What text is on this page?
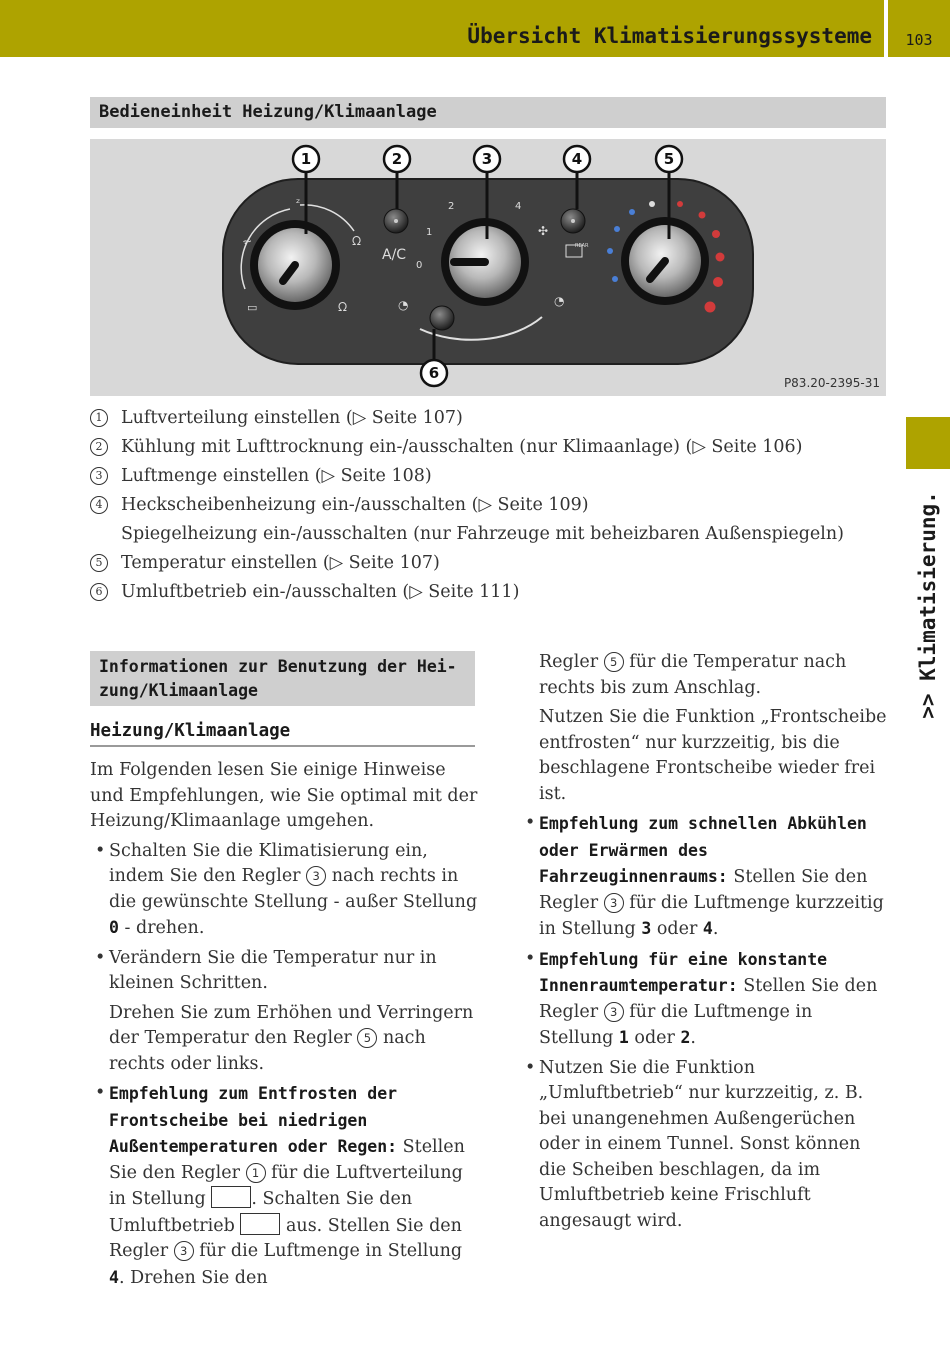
Übersicht Klimatisierungssysteme	103
>> Klimatisierung.
Bedieneinheit Heizung/Klimaanlage
⩫	ᘯ
ᶻ
ᘯ
▭
A/C
0
1
2	4
✣
◔	◔
REAR
1	2	3	4	5
6
P83.20-2395-31
1	Luftverteilung einstellen (▷ Seite 107)
2	Kühlung mit Lufttrocknung ein-/ausschalten (nur Klimaanlage) (▷ Seite 106)
3	Luftmenge einstellen (▷ Seite 108)
4	Heckscheibenheizung ein-/ausschalten (▷ Seite 109)
Spiegelheizung ein-/ausschalten (nur Fahrzeuge mit beheizbaren Außenspiegeln)
5	Temperatur einstellen (▷ Seite 107)
6	Umluftbetrieb ein-/ausschalten (▷ Seite 111)
Informationen zur Benutzung der Hei-
zung/Klimaanlage
Heizung/Klimaanlage

Im Folgenden lesen Sie einige Hinweise und Empfehlungen, wie Sie optimal mit der Heizung/Klimaanlage umgehen.

• Schalten Sie die Klimatisierung ein, indem Sie den Regler 3 nach rechts in die gewünschte Stellung - außer Stellung 0 - drehen.
• Verändern Sie die Temperatur nur in kleinen Schritten.
Drehen Sie zum Erhöhen und Verringern der Temperatur den Regler 5 nach rechts oder links.
• Empfehlung zum Entfrosten der Frontscheibe bei niedrigen Außentemperaturen oder Regen: Stellen Sie den Regler 1 für die Luftverteilung in Stellung	. Schalten Sie den Umluftbetrieb	aus. Stellen Sie den Regler 3 für die Luftmenge in Stellung 4. Drehen Sie den
Regler 5 für die Temperatur nach rechts bis zum Anschlag.
Nutzen Sie die Funktion „Frontscheibe entfrosten“ nur kurzzeitig, bis die beschlagene Frontscheibe wieder frei ist.
• Empfehlung zum schnellen Abkühlen oder Erwärmen des Fahrzeuginnenraums: Stellen Sie den Regler 3 für die Luftmenge kurzzeitig in Stellung 3 oder 4.
• Empfehlung für eine konstante Innenraumtemperatur: Stellen Sie den Regler 3 für die Luftmenge in Stellung 1 oder 2.
• Nutzen Sie die Funktion „Umluftbetrieb“ nur kurzzeitig, z. B. bei unangenehmen Außengerüchen oder in einem Tunnel. Sonst können die Scheiben beschlagen, da im Umluftbetrieb keine Frischluft angesaugt wird.
